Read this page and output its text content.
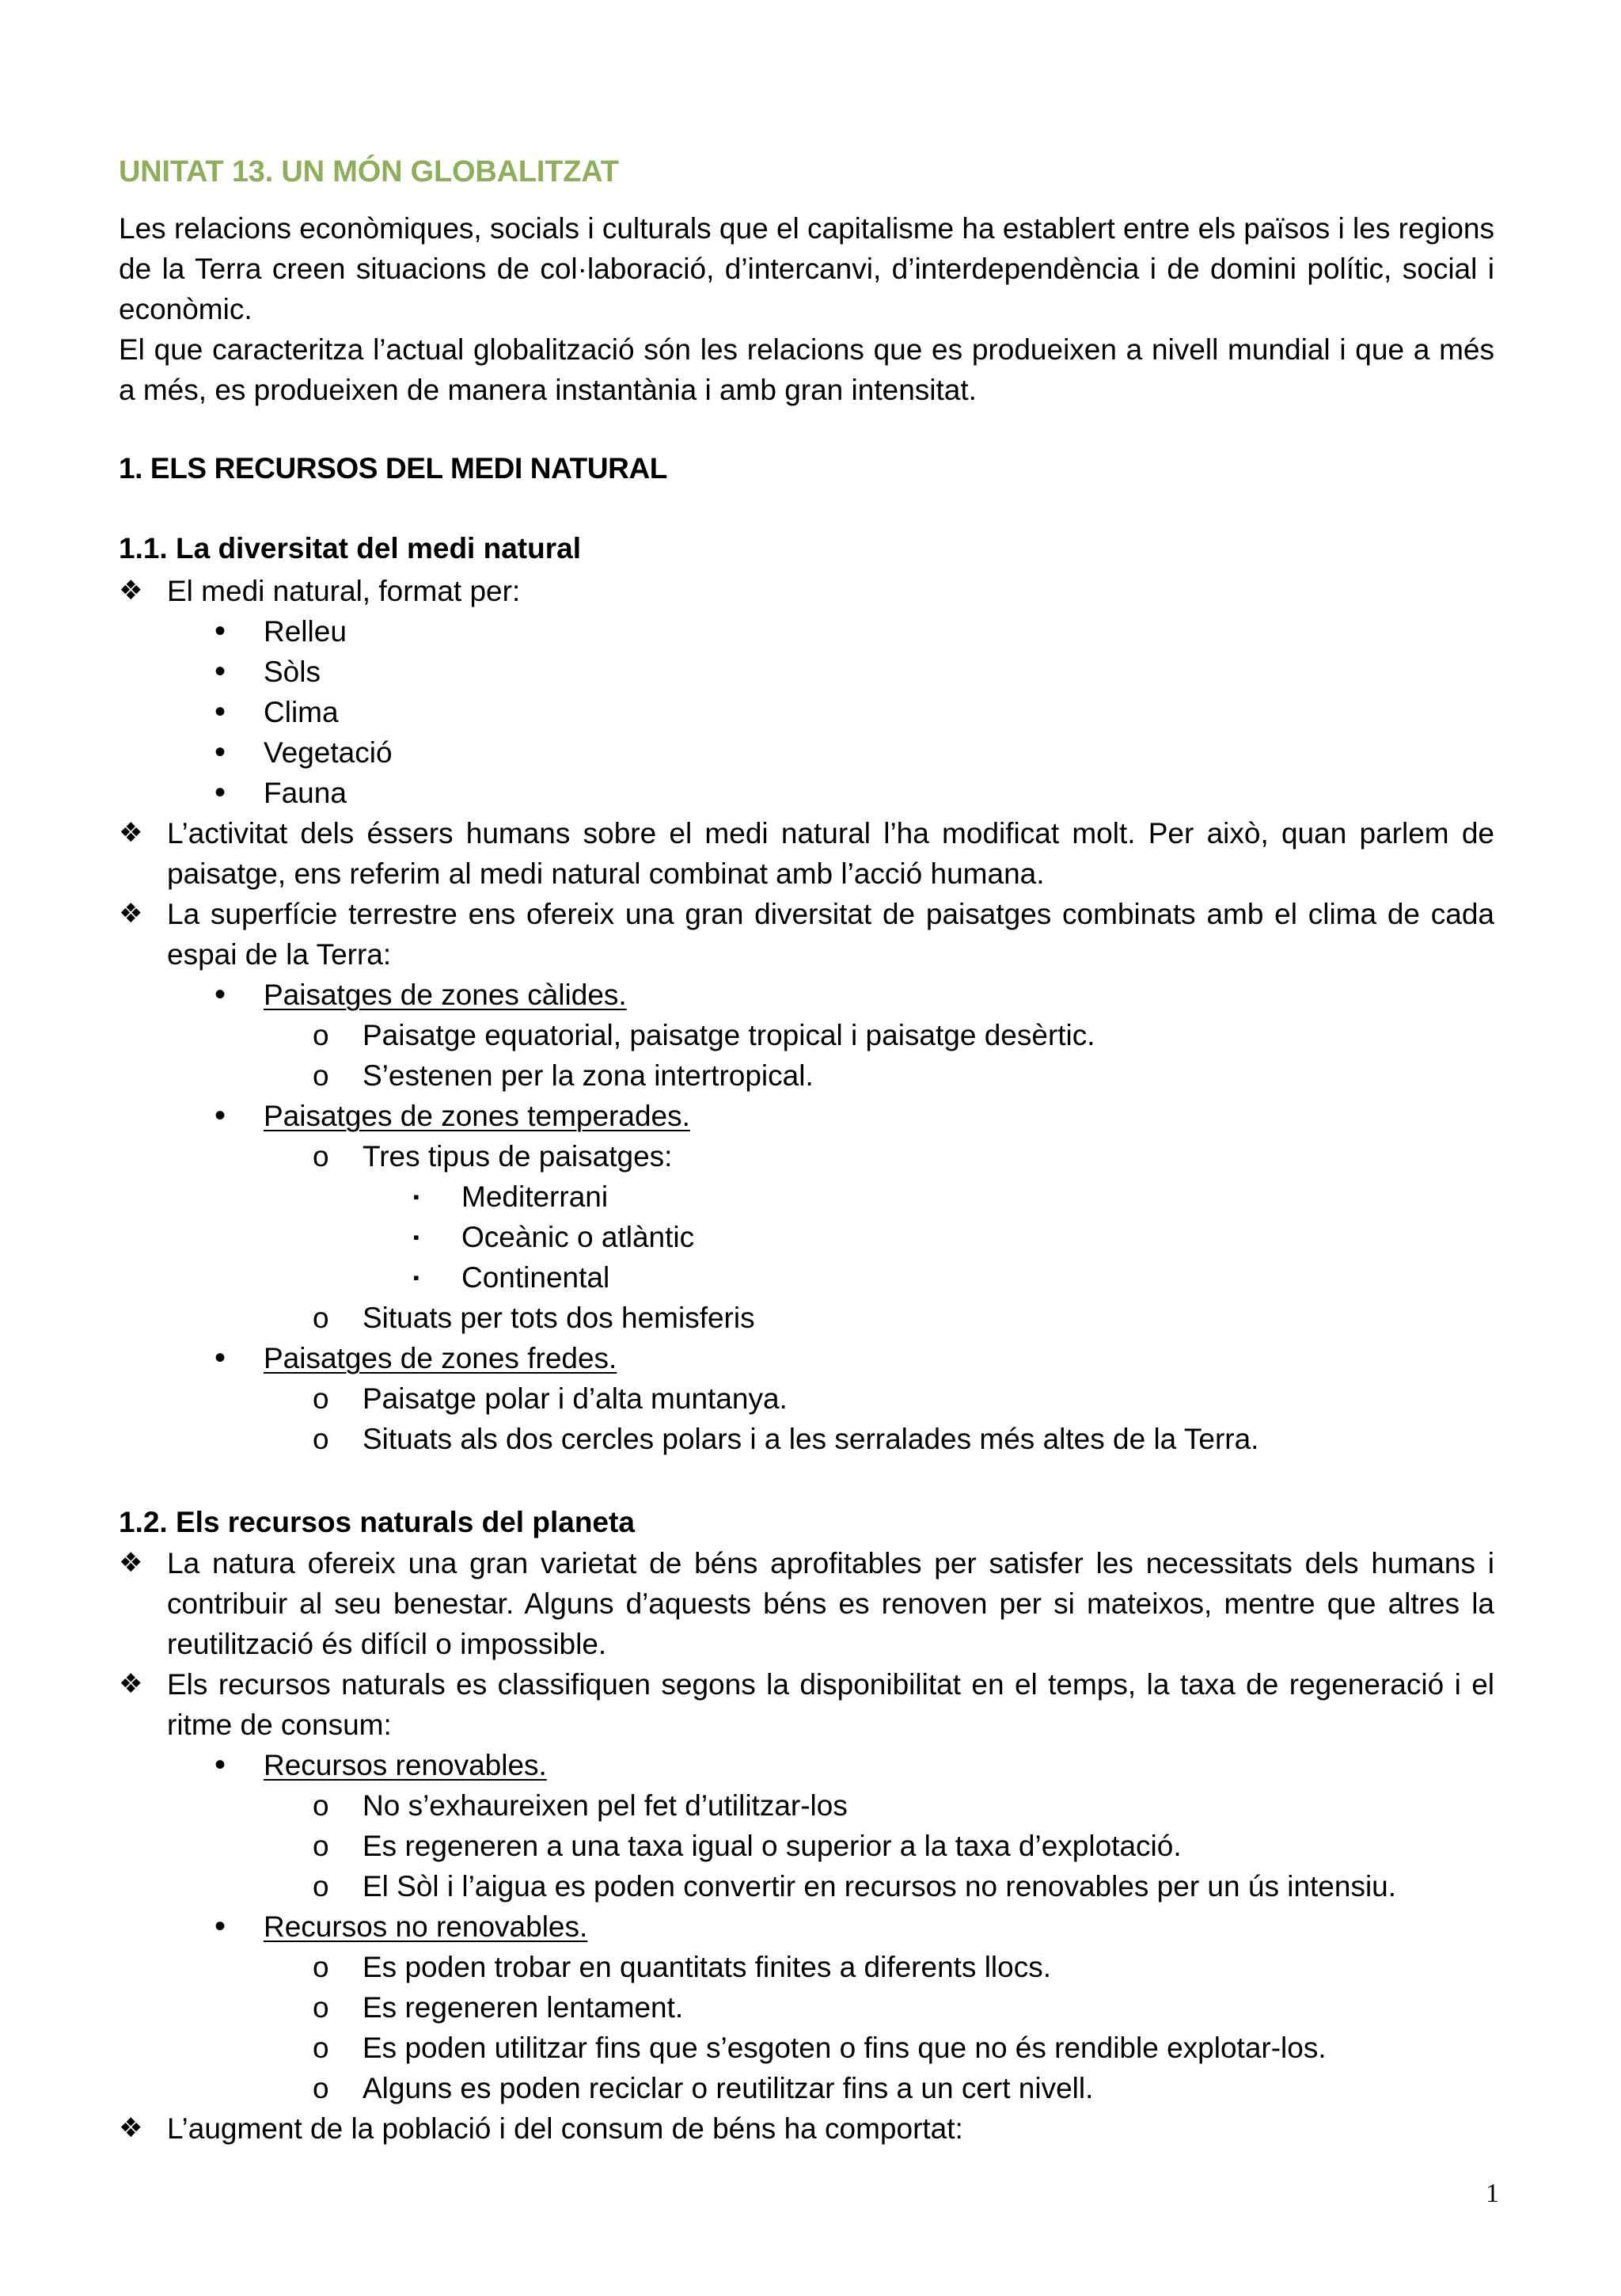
UNITAT 13. UN MÓN GLOBALITZAT

Les relacions econòmiques, socials i culturals que el capitalisme ha establert entre els països i les regions de la Terra creen situacions de col·laboració, d’intercanvi, d’interdependència i de domini polític, social i econòmic.

El que caracteritza l’actual globalització són les relacions que es produeixen a nivell mundial i que a més a més, es produeixen de manera instantània i amb gran intensitat.

1. ELS RECURSOS DEL MEDI NATURAL
1.1. La diversitat del medi natural
❖ El medi natural, format per:
• Relleu
• Sòls
• Clima
• Vegetació
• Fauna
❖ L’activitat dels éssers humans sobre el medi natural l’ha modificat molt. Per això, quan parlem de paisatge, ens referim al medi natural combinat amb l’acció humana.
❖ La superfície terrestre ens ofereix una gran diversitat de paisatges combinats amb el clima de cada espai de la Terra:
• Paisatges de zones càlides.
o Paisatge equatorial, paisatge tropical i paisatge desèrtic.
o S’estenen per la zona intertropical.
• Paisatges de zones temperades.
o Tres tipus de paisatges:
▪ Mediterrani
▪ Oceànic o atlàntic
▪ Continental
o Situats per tots dos hemisferis
• Paisatges de zones fredes.
o Paisatge polar i d’alta muntanya.
o Situats als dos cercles polars i a les serralades més altes de la Terra.
1.2. Els recursos naturals del planeta
❖ La natura ofereix una gran varietat de béns aprofitables per satisfer les necessitats dels humans i contribuir al seu benestar. Alguns d’aquests béns es renoven per si mateixos, mentre que altres la reutilització és difícil o impossible.
❖ Els recursos naturals es classifiquen segons la disponibilitat en el temps, la taxa de regeneració i el ritme de consum:
• Recursos renovables.
o No s’exhaureixen pel fet d’utilitzar-los
o Es regeneren a una taxa igual o superior a la taxa d’explotació.
o El Sòl i l’aigua es poden convertir en recursos no renovables per un ús intensiu.
• Recursos no renovables.
o Es poden trobar en quantitats finites a diferents llocs.
o Es regeneren lentament.
o Es poden utilitzar fins que s’esgoten o fins que no és rendible explotar-los.
o Alguns es poden reciclar o reutilitzar fins a un cert nivell.
❖ L’augment de la població i del consum de béns ha comportat:
1
